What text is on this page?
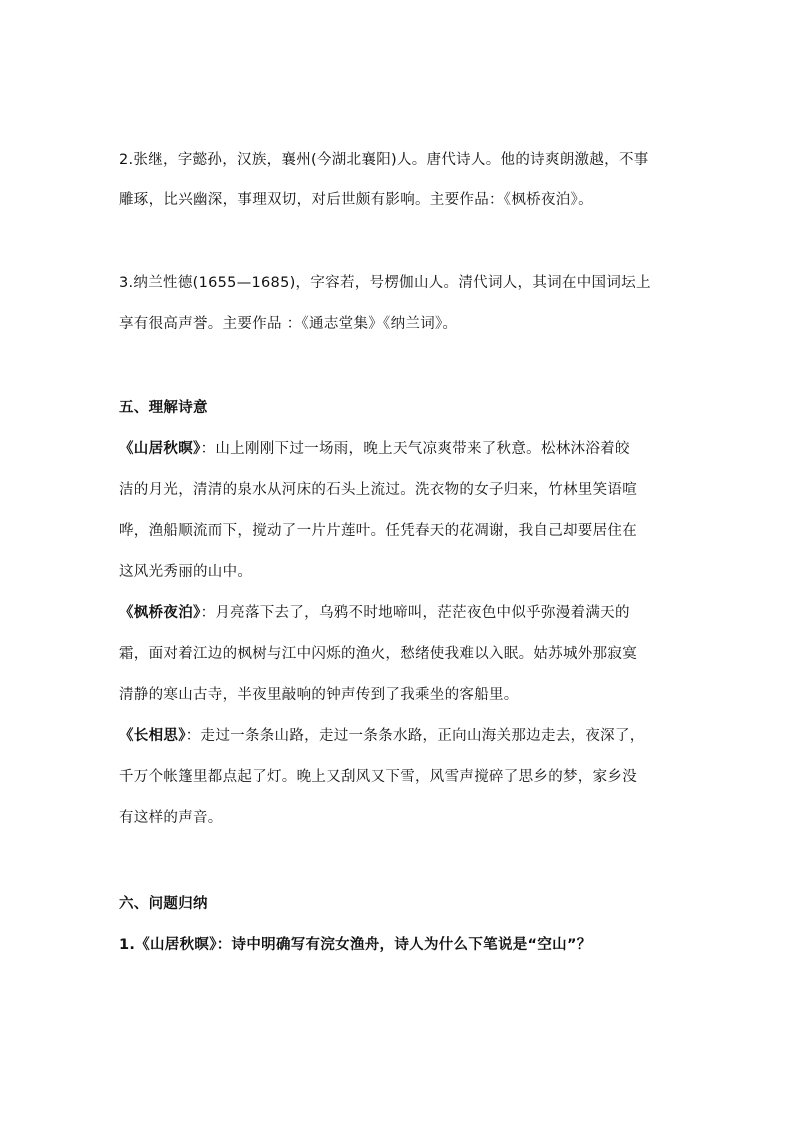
2.张继，字懿孙，汉族，襄州(今湖北襄阳)人。唐代诗人。他的诗爽朗激越，不事
雕琢，比兴幽深，事理双切，对后世颇有影响。主要作品：《枫桥夜泊》。
3.纳兰性德(1655—1685)，字容若，号楞伽山人。清代词人，其词在中国词坛上
享有很高声誉。主要作品 ：《通志堂集》《纳兰词》。
五、理解诗意
《山居秋暝》：山上刚刚下过一场雨，晚上天气凉爽带来了秋意。松林沐浴着皎
洁的月光，清清的泉水从河床的石头上流过。洗衣物的女子归来，竹林里笑语喧
哗，渔船顺流而下，搅动了一片片莲叶。任凭春天的花凋谢，我自己却要居住在
这风光秀丽的山中。
《枫桥夜泊》：月亮落下去了，乌鸦不时地啼叫，茫茫夜色中似乎弥漫着满天的
霜，面对着江边的枫树与江中闪烁的渔火，愁绪使我难以入眠。姑苏城外那寂寞
清静的寒山古寺，半夜里敲响的钟声传到了我乘坐的客船里。
《长相思》：走过一条条山路，走过一条条水路，正向山海关那边走去，夜深了，
千万个帐篷里都点起了灯。晚上又刮风又下雪，风雪声搅碎了思乡的梦，家乡没
有这样的声音。
六、问题归纳
1.《山居秋暝》：诗中明确写有浣女渔舟，诗人为什么下笔说是“空山”？
